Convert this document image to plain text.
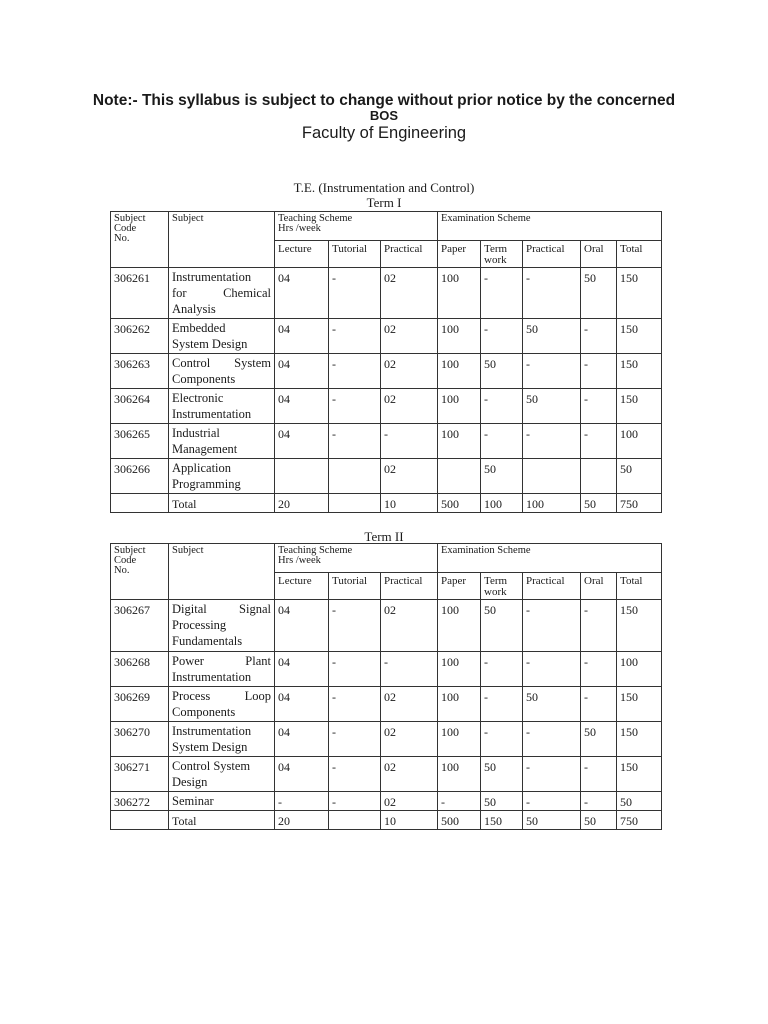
Note:- This syllabus is subject to change without prior notice by the concerned
BOS
Faculty of Engineering
T.E. (Instrumentation and Control)
Term I
Subject
Code
No.	Subject	Teaching Scheme
Hrs /week			Examination Scheme				
		Lecture	Tutorial	Practical	Paper	Term
work	Practical	Oral	Total
306261	Instrumentation
for Chemical
Analysis	04	-	02	100	-	-	50	150
306262	Embedded
System Design	04	-	02	100	-	50	-	150
306263	Control System
Components	04	-	02	100	50	-	-	150
306264	Electronic
Instrumentation	04	-	02	100	-	50	-	150
306265	Industrial
Management	04	-	-	100	-	-	-	100
306266	Application
Programming			02		50			50
	Total	20		10	500	100	100	50	750
Term II
Subject
Code
No.	Subject	Teaching Scheme
Hrs /week			Examination Scheme				
		Lecture	Tutorial	Practical	Paper	Term
work	Practical	Oral	Total
306267	Digital Signal
Processing
Fundamentals	04	-	02	100	50	-	-	150
306268	Power Plant
Instrumentation	04	-	-	100	-	-	-	100
306269	Process Loop
Components	04	-	02	100	-	50	-	150
306270	Instrumentation
System Design	04	-	02	100	-	-	50	150
306271	Control System
Design	04	-	02	100	50	-	-	150
306272	Seminar	-	-	02	-	50	-	-	50
	Total	20		10	500	150	50	50	750
